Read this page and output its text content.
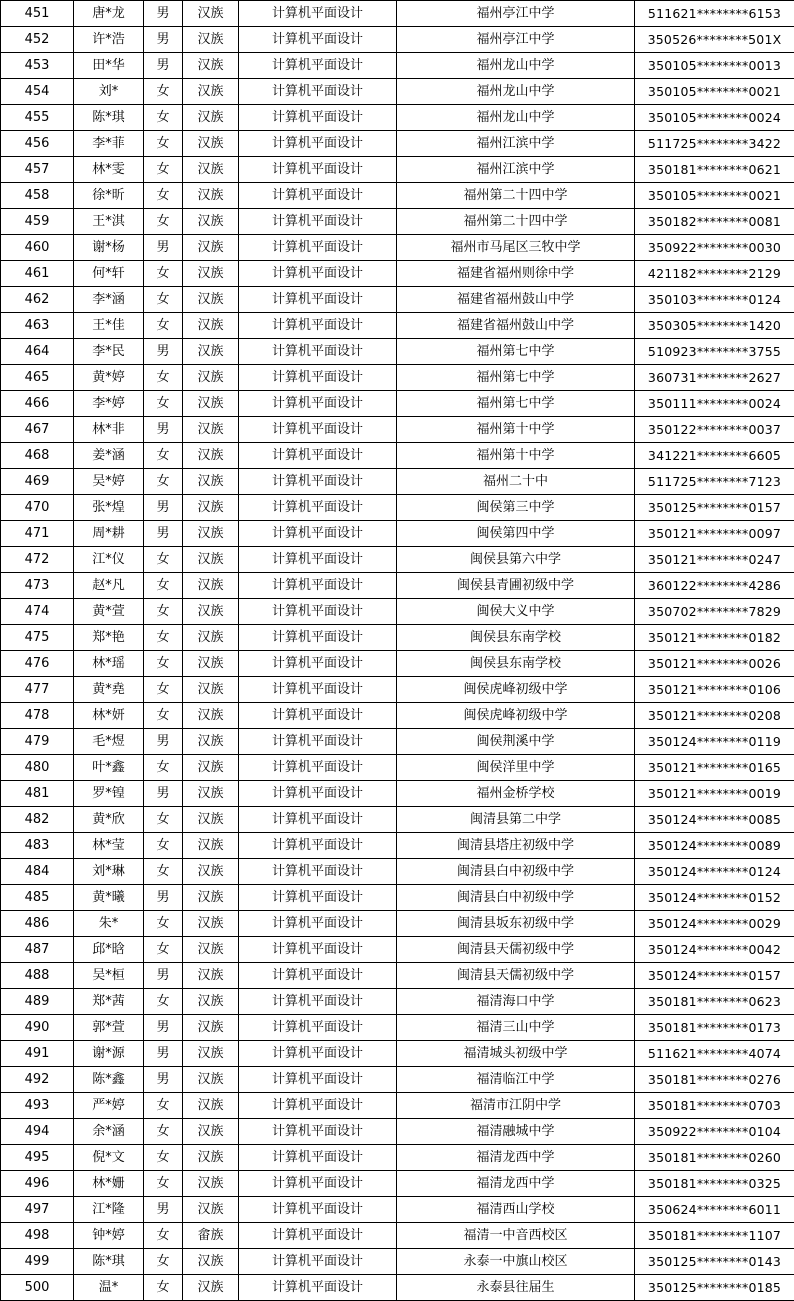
451	唐*龙	男	汉族	计算机平面设计	福州亭江中学	511621********6153
452	许*浩	男	汉族	计算机平面设计	福州亭江中学	350526********501X
453	田*华	男	汉族	计算机平面设计	福州龙山中学	350105********0013
454	刘*	女	汉族	计算机平面设计	福州龙山中学	350105********0021
455	陈*琪	女	汉族	计算机平面设计	福州龙山中学	350105********0024
456	李*菲	女	汉族	计算机平面设计	福州江滨中学	511725********3422
457	林*雯	女	汉族	计算机平面设计	福州江滨中学	350181********0621
458	徐*昕	女	汉族	计算机平面设计	福州第二十四中学	350105********0021
459	王*淇	女	汉族	计算机平面设计	福州第二十四中学	350182********0081
460	谢*杨	男	汉族	计算机平面设计	福州市马尾区三牧中学	350922********0030
461	何*轩	女	汉族	计算机平面设计	福建省福州则徐中学	421182********2129
462	李*涵	女	汉族	计算机平面设计	福建省福州鼓山中学	350103********0124
463	王*佳	女	汉族	计算机平面设计	福建省福州鼓山中学	350305********1420
464	李*民	男	汉族	计算机平面设计	福州第七中学	510923********3755
465	黄*婷	女	汉族	计算机平面设计	福州第七中学	360731********2627
466	李*婷	女	汉族	计算机平面设计	福州第七中学	350111********0024
467	林*非	男	汉族	计算机平面设计	福州第十中学	350122********0037
468	姜*涵	女	汉族	计算机平面设计	福州第十中学	341221********6605
469	吴*婷	女	汉族	计算机平面设计	福州二十中	511725********7123
470	张*煌	男	汉族	计算机平面设计	闽侯第三中学	350125********0157
471	周*耕	男	汉族	计算机平面设计	闽侯第四中学	350121********0097
472	江*仪	女	汉族	计算机平面设计	闽侯县第六中学	350121********0247
473	赵*凡	女	汉族	计算机平面设计	闽侯县青圃初级中学	360122********4286
474	黄*萱	女	汉族	计算机平面设计	闽侯大义中学	350702********7829
475	郑*艳	女	汉族	计算机平面设计	闽侯县东南学校	350121********0182
476	林*瑶	女	汉族	计算机平面设计	闽侯县东南学校	350121********0026
477	黄*堯	女	汉族	计算机平面设计	闽侯虎峰初级中学	350121********0106
478	林*妍	女	汉族	计算机平面设计	闽侯虎峰初级中学	350121********0208
479	毛*煜	男	汉族	计算机平面设计	闽侯荆溪中学	350124********0119
480	叶*鑫	女	汉族	计算机平面设计	闽侯洋里中学	350121********0165
481	罗*锽	男	汉族	计算机平面设计	福州金桥学校	350121********0019
482	黄*欣	女	汉族	计算机平面设计	闽清县第二中学	350124********0085
483	林*莹	女	汉族	计算机平面设计	闽清县塔庄初级中学	350124********0089
484	刘*琳	女	汉族	计算机平面设计	闽清县白中初级中学	350124********0124
485	黄*曦	男	汉族	计算机平面设计	闽清县白中初级中学	350124********0152
486	朱*	女	汉族	计算机平面设计	闽清县坂东初级中学	350124********0029
487	邱*晗	女	汉族	计算机平面设计	闽清县天儒初级中学	350124********0042
488	吴*桓	男	汉族	计算机平面设计	闽清县天儒初级中学	350124********0157
489	郑*茜	女	汉族	计算机平面设计	福清海口中学	350181********0623
490	郭*萱	男	汉族	计算机平面设计	福清三山中学	350181********0173
491	谢*源	男	汉族	计算机平面设计	福清城头初级中学	511621********4074
492	陈*鑫	男	汉族	计算机平面设计	福清临江中学	350181********0276
493	严*婷	女	汉族	计算机平面设计	福清市江阴中学	350181********0703
494	余*涵	女	汉族	计算机平面设计	福清融城中学	350922********0104
495	倪*文	女	汉族	计算机平面设计	福清龙西中学	350181********0260
496	林*姗	女	汉族	计算机平面设计	福清龙西中学	350181********0325
497	江*隆	男	汉族	计算机平面设计	福清西山学校	350624********6011
498	钟*婷	女	畲族	计算机平面设计	福清一中音西校区	350181********1107
499	陈*琪	女	汉族	计算机平面设计	永泰一中旗山校区	350125********0143
500	温*	女	汉族	计算机平面设计	永泰县往届生	350125********0185
